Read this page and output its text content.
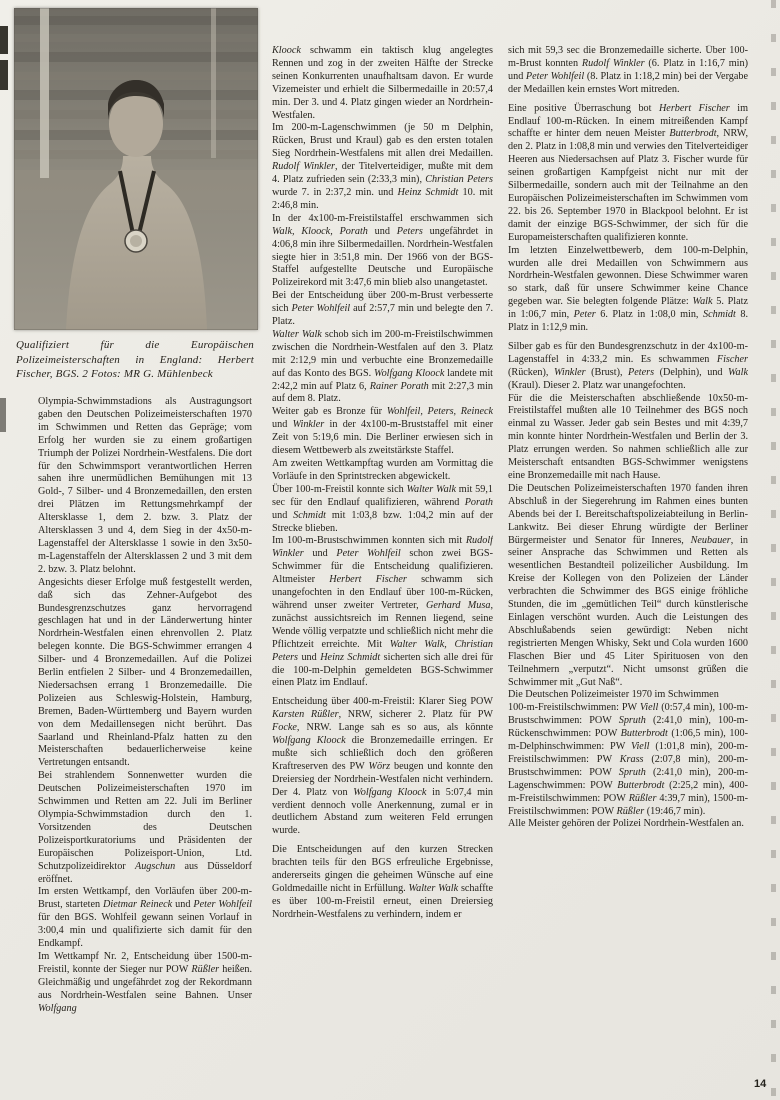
Qualifiziert für die Europäischen Polizeimeisterschaften in England: Herbert Fischer, BGS. 2 Fotos: MR G. Mühlenbeck

Olympia-Schwimmstadions als Austragungsort gaben den Deutschen Polizeimeisterschaften 1970 im Schwimmen und Retten das Gepräge; vom Erfolg her wurden sie zu einem großartigen Triumph der Polizei Nordrhein-Westfalens. Die dort für den Schwimmsport verantwortlichen Herren sahen ihre unermüdlichen Bemühungen mit 13 Gold-, 7 Silber- und 4 Bronzemedaillen, den ersten drei Plätzen im Rettungsmehrkampf der Altersklasse 1, dem 2. bzw. 3. Platz der Altersklassen 3 und 4, dem Sieg in der 4x50-m-Lagenstaffel der Altersklasse 1 sowie in den 3x50-m-Lagenstaffeln der Altersklassen 2 und 3 mit dem 2. bzw. 3. Platz belohnt.

Angesichts dieser Erfolge muß festgestellt werden, daß sich das Zehner-Aufgebot des Bundesgrenzschutzes ganz hervorragend geschlagen hat und in der Länderwertung hinter Nordrhein-Westfalen einen ehrenvollen 2. Platz belegen konnte. Die BGS-Schwimmer errangen 4 Silber- und 4 Bronzemedaillen. Auf die Polizei Berlin entfielen 2 Silber- und 4 Bronzemedaillen, Niedersachsen errang 1 Bronzemedaille. Die Polizeien aus Schleswig-Holstein, Hamburg, Bremen, Baden-Württemberg und Bayern wurden von dem Medaillensegen nicht berührt. Das Saarland und Rheinland-Pfalz hatten zu den Meisterschaften bedauerlicherweise keine Vertretungen entsandt.

Bei strahlendem Sonnenwetter wurden die Deutschen Polizeimeisterschaften 1970 im Schwimmen und Retten am 22. Juli im Berliner Olympia-Schwimmstadion durch den 1. Vorsitzenden des Deutschen Polizeisportkuratoriums und Präsidenten der Europäischen Polizeisport-Union, Ltd. Schutzpolizeidirektor Augschun aus Düsseldorf eröffnet.

Im ersten Wettkampf, den Vorläufen über 200-m-Brust, starteten Dietmar Reineck und Peter Wohlfeil für den BGS. Wohlfeil gewann seinen Vorlauf in 3:00,4 min und qualifizierte sich damit für den Endkampf.

Im Wettkampf Nr. 2, Entscheidung über 1500-m-Freistil, konnte der Sieger nur POW Rüßler heißen. Gleichmäßig und ungefährdet zog der Rekordmann aus Nordrhein-Westfalen seine Bahnen. Unser Wolfgang

Kloock schwamm ein taktisch klug angelegtes Rennen und zog in der zweiten Hälfte der Strecke seinen Konkurrenten unaufhaltsam davon. Er wurde Vizemeister und erhielt die Silbermedaille in 20:57,4 min. Der 3. und 4. Platz gingen wieder an Nordrhein-Westfalen.

Im 200-m-Lagenschwimmen (je 50 m Delphin, Rücken, Brust und Kraul) gab es den ersten totalen Sieg Nordrhein-Westfalens mit allen drei Medaillen. Rudolf Winkler, der Titelverteidiger, mußte mit dem 4. Platz zufrieden sein (2:33,3 min), Christian Peters wurde 7. in 2:37,2 min. und Heinz Schmidt 10. mit 2:46,8 min.

In der 4x100-m-Freistilstaffel erschwammen sich Walk, Kloock, Porath und Peters ungefährdet in 4:06,8 min ihre Silbermedaillen. Nordrhein-Westfalen siegte hier in 3:51,8 min. Der 1966 von der BGS-Staffel aufgestellte Deutsche und Europäische Polizeirekord mit 3:47,6 min blieb also unangetastet.

Bei der Entscheidung über 200-m-Brust verbesserte sich Peter Wohlfeil auf 2:57,7 min und belegte den 7. Platz.

Walter Walk schob sich im 200-m-Freistilschwimmen zwischen die Nordrhein-Westfalen auf den 3. Platz mit 2:12,9 min und verbuchte eine Bronzemedaille auf das Konto des BGS. Wolfgang Kloock landete mit 2:42,2 min auf Platz 6, Rainer Porath mit 2:27,3 min auf dem 8. Platz.

Weiter gab es Bronze für Wohlfeil, Peters, Reineck und Winkler in der 4x100-m-Bruststaffel mit einer Zeit von 5:19,6 min. Die Berliner erwiesen sich in diesem Wettbewerb als zweitstärkste Staffel.

Am zweiten Wettkampftag wurden am Vormittag die Vorläufe in den Sprintstrecken abgewickelt.

Über 100-m-Freistil konnte sich Walter Walk mit 59,1 sec für den Endlauf qualifizieren, während Porath und Schmidt mit 1:03,8 bzw. 1:04,2 min auf der Strecke blieben.

Im 100-m-Brustschwimmen konnten sich mit Rudolf Winkler und Peter Wohlfeil schon zwei BGS-Schwimmer für die Entscheidung qualifizieren. Altmeister Herbert Fischer schwamm sich unangefochten in den Endlauf über 100-m-Rücken, während unser zweiter Vertreter, Gerhard Musa, zunächst aussichtsreich im Rennen liegend, seine Wende völlig verpatzte und schließlich nicht mehr die Pflichtzeit erreichte. Mit Walter Walk, Christian Peters und Heinz Schmidt sicherten sich alle drei für die 100-m-Delphin gemeldeten BGS-Schwimmer einen Platz im Endlauf.

Entscheidung über 400-m-Freistil: Klarer Sieg POW Karsten Rüßler, NRW, sicherer 2. Platz für PW Focke, NRW. Lange sah es so aus, als könnte Wolfgang Kloock die Bronzemedaille erringen. Er mußte sich schließlich doch den größeren Kraftreserven des PW Wörz beugen und konnte den Dreiersieg der Nordrhein-Westfalen nicht verhindern. Der 4. Platz von Wolfgang Kloock in 5:07,4 min verdient dennoch volle Anerkennung, zumal er in deutlichem Abstand zum weiteren Feld errungen wurde.

Die Entscheidungen auf den kurzen Strecken brachten teils für den BGS erfreuliche Ergebnisse, andererseits gingen die geheimen Wünsche auf eine Goldmedaille nicht in Erfüllung. Walter Walk schaffte es über 100-m-Freistil erneut, einen Dreiersieg Nordrhein-Westfalens zu verhindern, indem er

sich mit 59,3 sec die Bronzemedaille sicherte. Über 100-m-Brust konnten Rudolf Winkler (6. Platz in 1:16,7 min) und Peter Wohlfeil (8. Platz in 1:18,2 min) bei der Vergabe der Medaillen kein ernstes Wort mitreden.

Eine positive Überraschung bot Herbert Fischer im Endlauf 100-m-Rücken. In einem mitreißenden Kampf schaffte er hinter dem neuen Meister Butterbrodt, NRW, den 2. Platz in 1:08,8 min und verwies den Titelverteidiger Heeren aus Niedersachsen auf Platz 3. Fischer wurde für seinen großartigen Kampfgeist nicht nur mit der Silbermedaille, sondern auch mit der Teilnahme an den Europäischen Polizeimeisterschaften im Schwimmen vom 22. bis 26. September 1970 in Blackpool belohnt. Er ist damit der einzige BGS-Schwimmer, der sich für die Europameisterschaften qualifizieren konnte.

Im letzten Einzelwettbewerb, dem 100-m-Delphin, wurden alle drei Medaillen von Schwimmern aus Nordrhein-Westfalen gewonnen. Diese Schwimmer waren so stark, daß für unsere Schwimmer keine Chance gegeben war. Sie belegten folgende Plätze: Walk 5. Platz in 1:06,7 min, Peter 6. Platz in 1:08,0 min, Schmidt 8. Platz in 1:12,9 min.

Silber gab es für den Bundesgrenzschutz in der 4x100-m-Lagenstaffel in 4:33,2 min. Es schwammen Fischer (Rücken), Winkler (Brust), Peters (Delphin), und Walk (Kraul). Dieser 2. Platz war unangefochten.

Für die die Meisterschaften abschließende 10x50-m-Freistilstaffel mußten alle 10 Teilnehmer des BGS noch einmal zu Wasser. Jeder gab sein Bestes und mit 4:39,7 min konnte hinter Nordrhein-Westfalen und Berlin der 3. Platz errungen werden. So nahmen schließlich alle zur Meisterschaft entsandten BGS-Schwimmer wenigstens eine Bronzemedaille mit nach Hause.

Die Deutschen Polizeimeisterschaften 1970 fanden ihren Abschluß in der Siegerehrung im Rahmen eines bunten Abends bei der I. Bereitschaftspolizeiabteilung in Berlin-Lankwitz. Bei dieser Ehrung würdigte der Berliner Bürgermeister und Senator für Inneres, Neubauer, in seiner Ansprache das Schwimmen und Retten als wesentlichen Bestandteil polizeilicher Ausbildung. Im Kreise der Kollegen von den Polizeien der Länder verbrachten die Schwimmer des BGS einige fröhliche Stunden, die im „gemütlichen Teil“ durch künstlerische Einlagen verschönt wurden. Auch die Leistungen des Abschlußabends seien gewürdigt: Neben nicht registrierten Mengen Whisky, Sekt und Cola wurden 1600 Flaschen Bier und 45 Liter Spirituosen von den Teilnehmern „verputzt“. Nicht umsonst grüßen die Schwimmer mit „Gut Naß“.

Die Deutschen Polizeimeister 1970 im Schwimmen

100-m-Freistilschwimmen: PW Viell (0:57,4 min), 100-m-Brustschwimmen: POW Spruth (2:41,0 min), 100-m-Rückenschwimmen: POW Butterbrodt (1:06,5 min), 100-m-Delphinschwimmen: PW Viell (1:01,8 min), 200-m-Freistilschwimmen: PW Krass (2:07,8 min), 200-m-Brustschwimmen: POW Spruth (2:41,0 min), 200-m-Lagenschwimmen: POW Butterbrodt (2:25,2 min), 400-m-Freistilschwimmen: POW Rüßler 4:39,7 min), 1500-m-Freistilschwimmen: POW Rüßler (19:46,7 min).

Alle Meister gehören der Polizei Nordrhein-Westfalen an.

14
